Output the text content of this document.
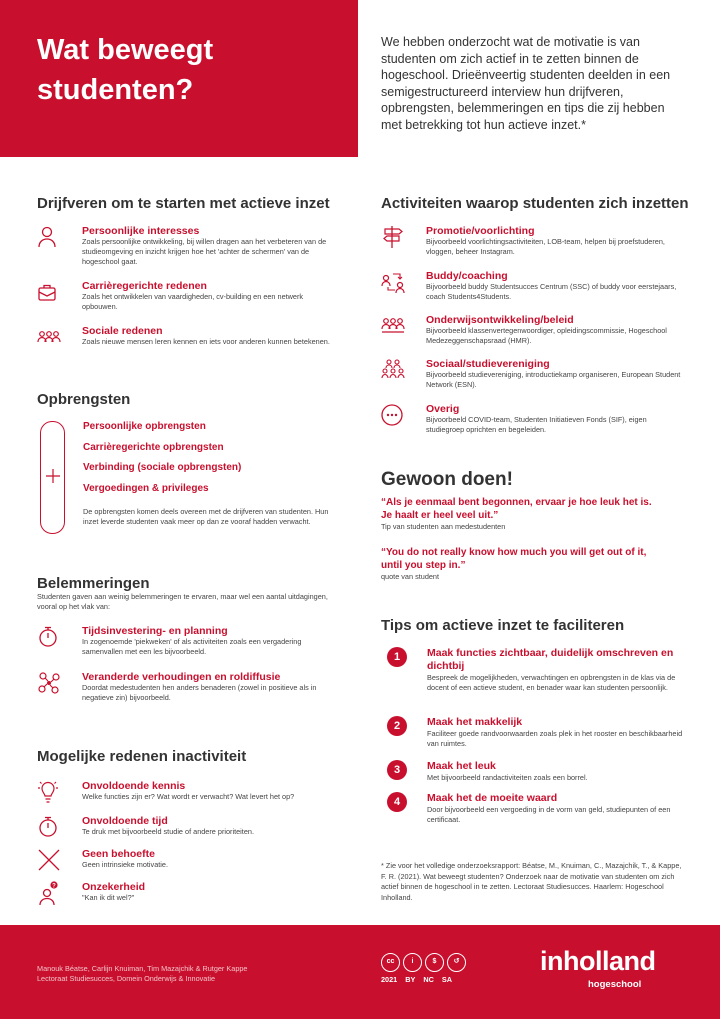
Wat beweegt
studenten?

We hebben onderzocht wat de motivatie is van studenten om zich actief in te zetten binnen de hogeschool. Drieënveertig studenten deelden in een semigestructureerd interview hun drijfveren, opbrengsten, belemmeringen en tips die zij hebben met betrekking tot hun actieve inzet.*

Drijfveren om te starten met actieve inzet
Persoonlijke interesses
Zoals persoonlijke ontwikkeling, bij willen dragen aan het verbeteren van de studieomgeving en inzicht krijgen hoe het 'achter de schermen' van de hogeschool gaat.
Carrièregerichte redenen
Zoals het ontwikkelen van vaardigheden, cv-building en een netwerk opbouwen.
Sociale redenen
Zoals nieuwe mensen leren kennen en iets voor anderen kunnen betekenen.
Opbrengsten
Persoonlijke opbrengsten
Carrièregerichte opbrengsten
Verbinding (sociale opbrengsten)
Vergoedingen & privileges
De opbrengsten komen deels overeen met de drijfveren van studenten. Hun inzet leverde studenten vaak meer op dan ze vooraf hadden verwacht.
Belemmeringen
Studenten gaven aan weinig belemmeringen te ervaren, maar wel een aantal uitdagingen, vooral op het vlak van:
Tijdsinvestering- en planning
In zogenoemde 'piekweken' of als activiteiten zoals een vergadering samenvallen met een les bijvoorbeeld.
Veranderde verhoudingen en roldiffusie
Doordat medestudenten hen anders benaderen (zowel in positieve als in negatieve zin) bijvoorbeeld.
Mogelijke redenen inactiviteit
Onvoldoende kennis
Welke functies zijn er? Wat wordt er verwacht? Wat levert het op?
Onvoldoende tijd
Te druk met bijvoorbeeld studie of andere prioriteiten.
Geen behoefte
Geen intrinsieke motivatie.
? Onzekerheid
"Kan ik dit wel?"
Activiteiten waarop studenten zich inzetten
Promotie/voorlichting
Bijvoorbeeld voorlichtingsactiviteiten, LOB-team, helpen bij proefstuderen, vloggen, beheer Instagram.
Buddy/coaching
Bijvoorbeeld buddy Studentsucces Centrum (SSC) of buddy voor eerstejaars, coach Students4Students.
Onderwijsontwikkeling/beleid
Bijvoorbeeld klassenvertegenwoordiger, opleidingscommissie, Hogeschool Medezeggenschapsraad (HMR).
Sociaal/studievereniging
Bijvoorbeeld studievereniging, introductiekamp organiseren, European Student Network (ESN).
Overig
Bijvoorbeeld COVID-team, Studenten Initiatieven Fonds (SIF), eigen studiegroep oprichten en begeleiden.
Gewoon doen!

“Als je eenmaal bent begonnen, ervaar je hoe leuk het is.
Je haalt er heel veel uit.”

Tip van studenten aan medestudenten

“You do not really know how much you will get out of it,
until you step in.”

quote van student
Tips om actieve inzet te faciliteren
1	Maak functies zichtbaar, duidelijk omschreven en dichtbij
Bespreek de mogelijkheden, verwachtingen en opbrengsten in de klas via de docent of een actieve student, en benader waar kan studenten persoonlijk.
2	Maak het makkelijk
Faciliteer goede randvoorwaarden zoals plek in het rooster en beschikbaarheid van ruimtes.
3	Maak het leuk
Met bijvoorbeeld randactiviteiten zoals een borrel.
4	Maak het de moeite waard
Door bijvoorbeeld een vergoeding in de vorm van geld, studiepunten of een certificaat.

* Zie voor het volledige onderzoeksrapport: Béatse, M., Knuiman, C., Mazajchik, T., & Kappe, F. R. (2021). Wat beweegt studenten? Onderzoek naar de motivatie van studenten om zich actief binnen de hogeschool in te zetten. Lectoraat Studiesucces. Haarlem: Hogeschool Inholland.

Manouk Béatse, Carlijn Knuiman, Tim Mazajchik & Rutger Kappe
Lectoraat Studiesucces, Domein Onderwijs & Innovatie

cc	i	$	↺
2021 BY NC SA
inholland
hogeschool
